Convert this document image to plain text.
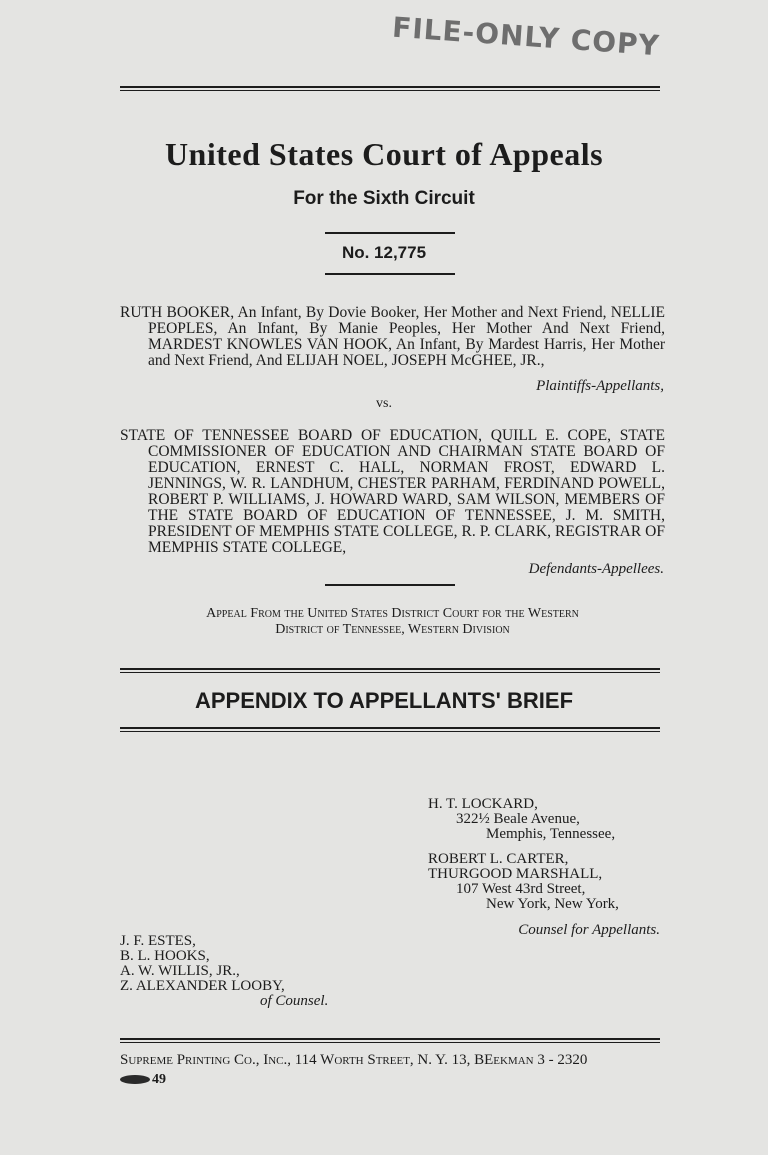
FILE-ONLY COPY
United States Court of Appeals
For the Sixth Circuit
No. 12,775
RUTH BOOKER, An Infant, By Dovie Booker, Her Mother and Next Friend, NELLIE PEOPLES, An Infant, By Manie Peoples, Her Mother And Next Friend, MARDEST KNOWLES VAN HOOK, An Infant, By Mardest Harris, Her Mother and Next Friend, And ELIJAH NOEL, JOSEPH McGHEE, JR.,
Plaintiffs-Appellants,
vs.
STATE OF TENNESSEE BOARD OF EDUCATION, QUILL E. COPE, STATE COMMISSIONER OF EDUCATION AND CHAIRMAN STATE BOARD OF EDUCATION, ERNEST C. HALL, NORMAN FROST, EDWARD L. JENNINGS, W. R. LANDHUM, CHESTER PARHAM, FERDINAND POWELL, ROBERT P. WILLIAMS, J. HOWARD WARD, SAM WILSON, MEMBERS OF THE STATE BOARD OF EDUCATION OF TENNESSEE, J. M. SMITH, PRESIDENT OF MEMPHIS STATE COLLEGE, R. P. CLARK, REGISTRAR OF MEMPHIS STATE COLLEGE,
Defendants-Appellees.
Appeal From the United States District Court for the Western
District of Tennessee, Western Division
APPENDIX TO APPELLANTS' BRIEF
H. T. LOCKARD,
322½ Beale Avenue,
Memphis, Tennessee,
ROBERT L. CARTER,
THURGOOD MARSHALL,
107 West 43rd Street,
New York, New York,
Counsel for Appellants.
J. F. ESTES,
B. L. HOOKS,
A. W. WILLIS, JR.,
Z. ALEXANDER LOOBY,
of Counsel.
Supreme Printing Co., Inc., 114 Worth Street, N. Y. 13, BEekman 3 - 2320
49
